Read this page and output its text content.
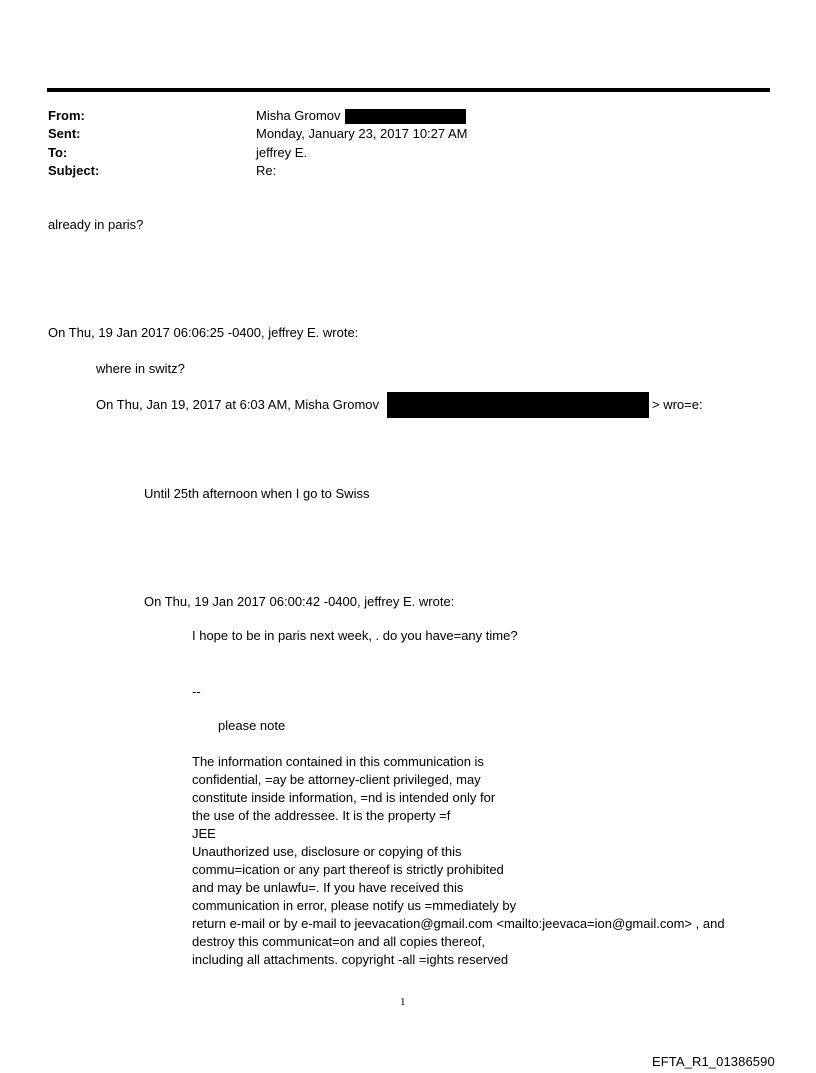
From:	Misha Gromov
Sent:	Monday, January 23, 2017 10:27 AM
To:	jeffrey E.
Subject:	Re:
already in paris?
On Thu, 19 Jan 2017 06:06:25 -0400, jeffrey E. wrote:
where in switz?
On Thu, Jan 19, 2017 at 6:03 AM, Misha Gromov	> wro=e:
Until 25th afternoon when I go to Swiss
On Thu, 19 Jan 2017 06:00:42 -0400, jeffrey E. wrote:
I hope to be in paris next week, . do you have=any time?
--
please note
The information contained in this communication is
confidential, =ay be attorney-client privileged, may
constitute inside information, =nd is intended only for
the use of the addressee. It is the property =f
JEE
Unauthorized use, disclosure or copying of this
commu=ication or any part thereof is strictly prohibited
and may be unlawfu=. If you have received this
communication in error, please notify us =mmediately by
return e-mail or by e-mail to jeevacation@gmail.com <mailto:jeevaca=ion@gmail.com> , and
destroy this communicat=on and all copies thereof,
including all attachments. copyright -all =ights reserved
1
EFTA_R1_01386590
